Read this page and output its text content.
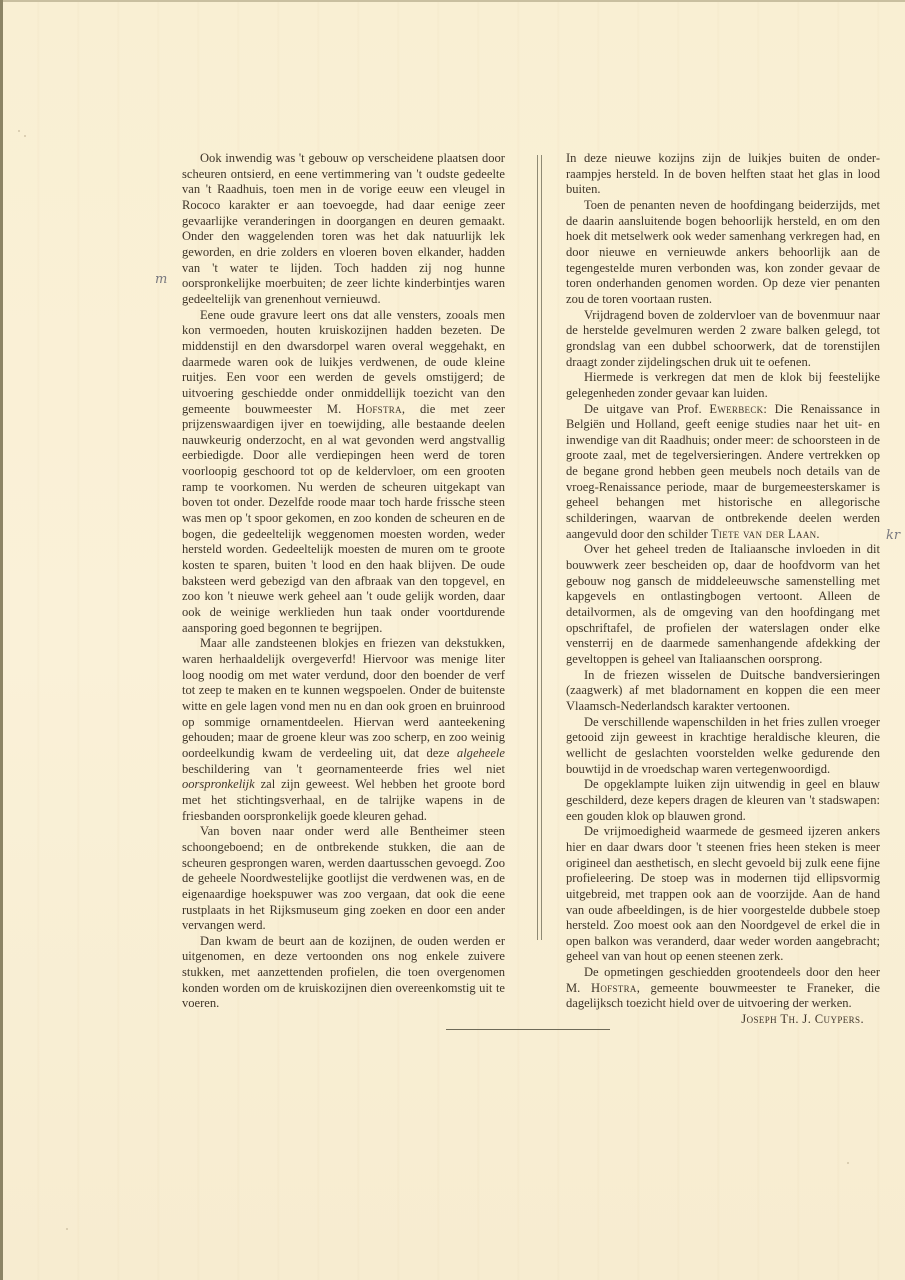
m
kr

Ook inwendig was 't gebouw op verscheidene plaatsen door scheuren ontsierd, en eene vertimmering van 't oudste gedeelte van 't Raadhuis, toen men in de vorige eeuw een vleugel in Rococo karakter er aan toevoegde, had daar eenige zeer gevaarlijke veranderingen in doorgangen en deuren gemaakt. Onder den waggelenden toren was het dak natuurlijk lek geworden, en drie zolders en vloeren boven elkander, hadden van 't water te lijden. Toch hadden zij nog hunne oorspronkelijke moerbuiten; de zeer lichte kinderbintjes waren gedeeltelijk van grenenhout vernieuwd.

Eene oude gravure leert ons dat alle vensters, zooals men kon vermoeden, houten kruiskozijnen hadden bezeten. De middenstijl en den dwarsdorpel waren overal weggehakt, en daarmede waren ook de luikjes verdwenen, de oude kleine ruitjes. Een voor een werden de gevels omstijgerd; de uitvoering geschiedde onder onmiddellijk toezicht van den gemeente bouwmeester M. Hofstra, die met zeer prijzenswaardigen ijver en toewijding, alle bestaande deelen nauwkeurig onderzocht, en al wat gevonden werd angstvallig eerbiedigde. Door alle verdiepingen heen werd de toren voorloopig geschoord tot op de keldervloer, om een grooten ramp te voorkomen. Nu werden de scheuren uitgekapt van boven tot onder. Dezelfde roode maar toch harde frissche steen was men op 't spoor gekomen, en zoo konden de scheuren en de bogen, die gedeeltelijk weggenomen moesten worden, weder hersteld worden. Gedeeltelijk moesten de muren om te groote kosten te sparen, buiten 't lood en den haak blijven. De oude baksteen werd gebezigd van den afbraak van den topgevel, en zoo kon 't nieuwe werk geheel aan 't oude gelijk worden, daar ook de weinige werklieden hun taak onder voortdurende aansporing goed begonnen te begrijpen.

Maar alle zandsteenen blokjes en friezen van dekstukken, waren herhaaldelijk overgeverfd! Hiervoor was menige liter loog noodig om met water verdund, door den boender de verf tot zeep te maken en te kunnen wegspoelen. Onder de buitenste witte en gele lagen vond men nu en dan ook groen en bruinrood op sommige ornamentdeelen. Hiervan werd aanteekening gehouden; maar de groene kleur was zoo scherp, en zoo weinig oordeelkundig kwam de verdeeling uit, dat deze algeheele beschildering van 't geornamenteerde fries wel niet oorspronkelijk zal zijn geweest. Wel hebben het groote bord met het stichtingsverhaal, en de talrijke wapens in de friesbanden oorspronkelijk goede kleuren gehad.

Van boven naar onder werd alle Bentheimer steen schoongeboend; en de ontbrekende stukken, die aan de scheuren gesprongen waren, werden daartusschen gevoegd. Zoo de geheele Noordwestelijke gootlijst die verdwenen was, en de eigenaardige hoekspuwer was zoo vergaan, dat ook die eene rustplaats in het Rijksmuseum ging zoeken en door een ander vervangen werd.

Dan kwam de beurt aan de kozijnen, de ouden werden er uitgenomen, en deze vertoonden ons nog enkele zuivere stukken, met aanzettenden profielen, die toen overgenomen konden worden om de kruiskozijnen dien overeenkomstig uit te voeren.

In deze nieuwe kozijns zijn de luikjes buiten de onder-raampjes hersteld. In de boven helften staat het glas in lood buiten.

Toen de penanten neven de hoofdingang beiderzijds, met de daarin aansluitende bogen behoorlijk hersteld, en om den hoek dit metselwerk ook weder samenhang verkregen had, en door nieuwe en vernieuwde ankers behoorlijk aan de tegengestelde muren verbonden was, kon zonder gevaar de toren onderhanden genomen worden. Op deze vier penanten zou de toren voortaan rusten.

Vrijdragend boven de zoldervloer van de bovenmuur naar de herstelde gevelmuren werden 2 zware balken gelegd, tot grondslag van een dubbel schoorwerk, dat de torenstijlen draagt zonder zijdelingschen druk uit te oefenen.

Hiermede is verkregen dat men de klok bij feestelijke gelegenheden zonder gevaar kan luiden.

De uitgave van Prof. Ewerbeck: Die Renaissance in Belgiën und Holland, geeft eenige studies naar het uit- en inwendige van dit Raadhuis; onder meer: de schoorsteen in de groote zaal, met de tegelversieringen. Andere vertrekken op de begane grond hebben geen meubels noch details van de vroeg-Renaissance periode, maar de burgemeesterskamer is geheel behangen met historische en allegorische schilderingen, waarvan de ontbrekende deelen werden aangevuld door den schilder Tiete van der Laan.

Over het geheel treden de Italiaansche invloeden in dit bouwwerk zeer bescheiden op, daar de hoofdvorm van het gebouw nog gansch de middeleeuwsche samenstelling met kapgevels en ontlastingbogen vertoont. Alleen de detailvormen, als de omgeving van den hoofdingang met opschriftafel, de profielen der waterslagen onder elke vensterrij en de daarmede samenhangende afdekking der geveltoppen is geheel van Italiaanschen oorsprong.

In de friezen wisselen de Duitsche bandversieringen (zaagwerk) af met bladornament en koppen die een meer Vlaamsch-Nederlandsch karakter vertoonen.

De verschillende wapenschilden in het fries zullen vroeger getooid zijn geweest in krachtige heraldische kleuren, die wellicht de geslachten voorstelden welke gedurende den bouwtijd in de vroedschap waren vertegenwoordigd.

De opgeklampte luiken zijn uitwendig in geel en blauw geschilderd, deze kepers dragen de kleuren van 't stadswapen: een gouden klok op blauwen grond.

De vrijmoedigheid waarmede de gesmeed ijzeren ankers hier en daar dwars door 't steenen fries heen steken is meer origineel dan aesthetisch, en slecht gevoeld bij zulk eene fijne profieleering. De stoep was in modernen tijd ellipsvormig uitgebreid, met trappen ook aan de voorzijde. Aan de hand van oude afbeeldingen, is de hier voorgestelde dubbele stoep hersteld. Zoo moest ook aan den Noordgevel de erkel die in open balkon was veranderd, daar weder worden aangebracht; geheel van van hout op eenen steenen zerk.

De opmetingen geschiedden grootendeels door den heer M. Hofstra, gemeente bouwmeester te Franeker, die dagelijksch toezicht hield over de uitvoering der werken.

Joseph Th. J. Cuypers.
